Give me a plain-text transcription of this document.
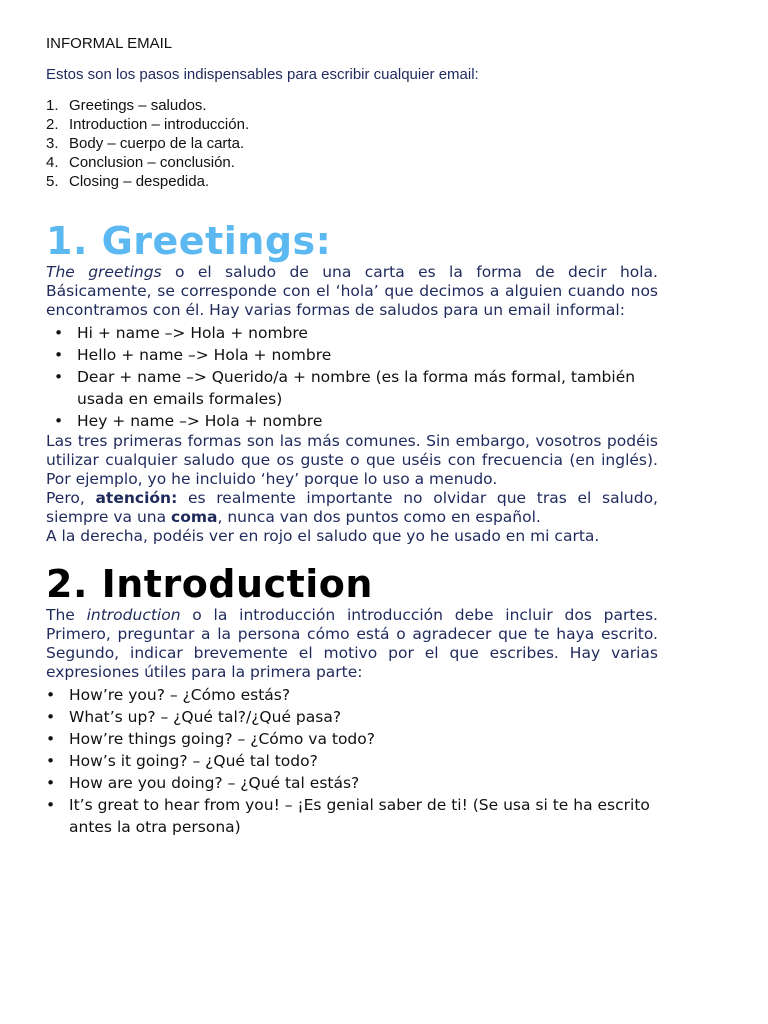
INFORMAL EMAIL

Estos son los pasos indispensables para escribir cualquier email:

1. Greetings – saludos.
2. Introduction – introducción.
3. Body – cuerpo de la carta.
4. Conclusion – conclusión.
5. Closing – despedida.
1. Greetings:

The greetings o el saludo de una carta es la forma de decir hola. Básicamente, se corresponde con el ‘hola’ que decimos a alguien cuando nos encontramos con él. Hay varias formas de saludos para un email informal:

• Hi + name –> Hola + nombre
• Hello + name –> Hola + nombre
• Dear + name –> Querido/a + nombre (es la forma más formal, también usada en emails formales)
• Hey + name –> Hola + nombre

Las tres primeras formas son las más comunes. Sin embargo, vosotros podéis utilizar cualquier saludo que os guste o que uséis con frecuencia (en inglés). Por ejemplo, yo he incluido ‘hey’ porque lo uso a menudo.

Pero, atención: es realmente importante no olvidar que tras el saludo, siempre va una coma, nunca van dos puntos como en español.

A la derecha, podéis ver en rojo el saludo que yo he usado en mi carta.

2. Introduction

The introduction o la introducción introducción debe incluir dos partes. Primero, preguntar a la persona cómo está o agradecer que te haya escrito. Segundo, indicar brevemente el motivo por el que escribes. Hay varias expresiones útiles para la primera parte:

• How’re you? – ¿Cómo estás?
• What’s up? – ¿Qué tal?/¿Qué pasa?
• How’re things going? – ¿Cómo va todo?
• How’s it going? – ¿Qué tal todo?
• How are you doing? – ¿Qué tal estás?
• It’s great to hear from you! – ¡Es genial saber de ti! (Se usa si te ha escrito antes la otra persona)
